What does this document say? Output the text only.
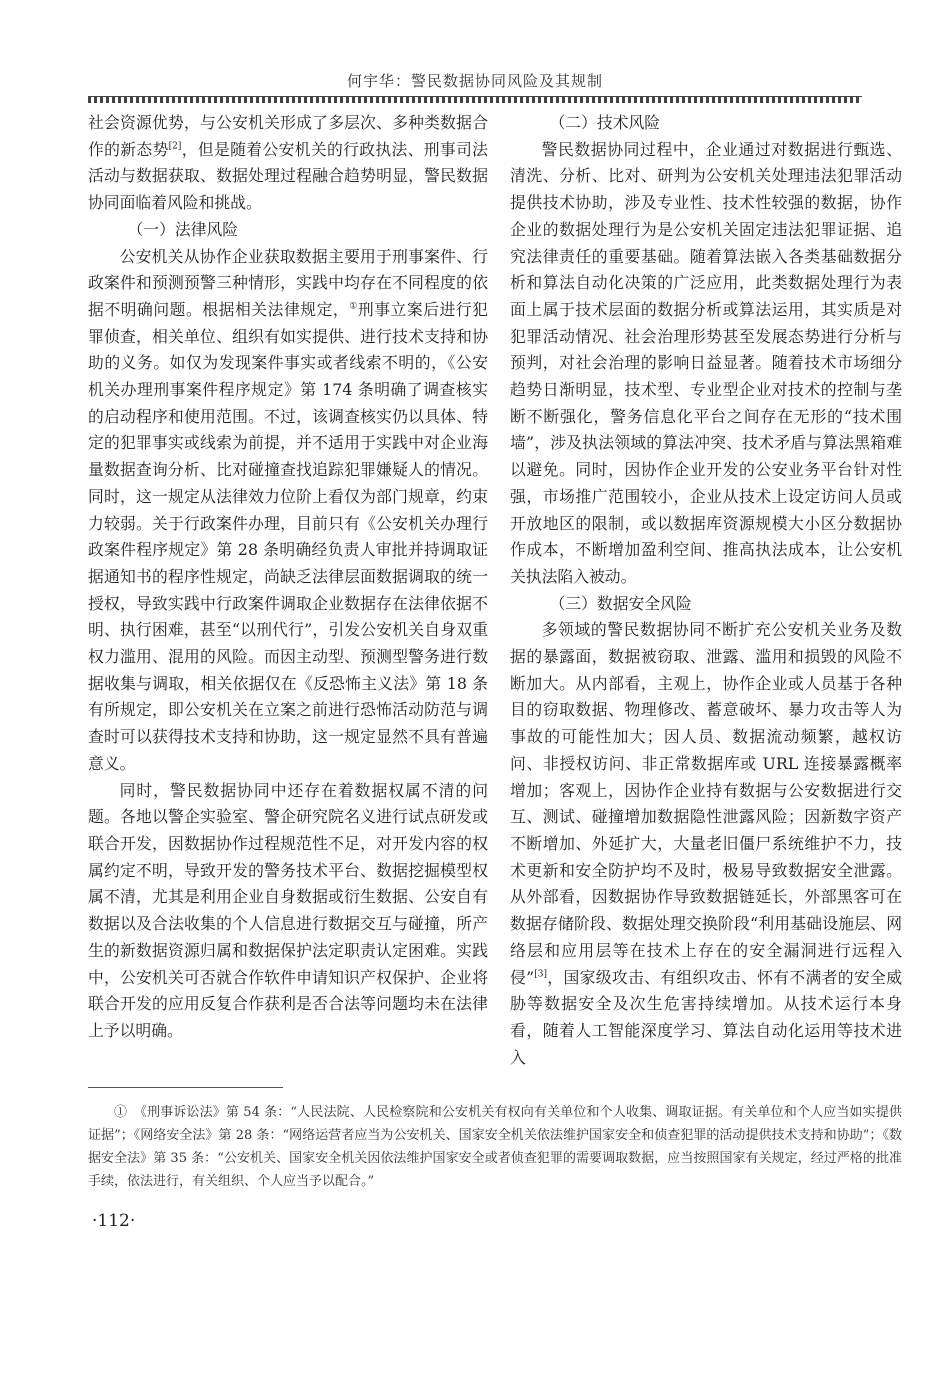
何宇华：警民数据协同风险及其规制

社会资源优势，与公安机关形成了多层次、多种类数据合作的新态势[2]，但是随着公安机关的行政执法、刑事司法活动与数据获取、数据处理过程融合趋势明显，警民数据协同面临着风险和挑战。

（一）法律风险

公安机关从协作企业获取数据主要用于刑事案件、行政案件和预测预警三种情形，实践中均存在不同程度的依据不明确问题。根据相关法律规定，①刑事立案后进行犯罪侦查，相关单位、组织有如实提供、进行技术支持和协助的义务。如仅为发现案件事实或者线索不明的，《公安机关办理刑事案件程序规定》第 174 条明确了调查核实的启动程序和使用范围。不过，该调查核实仍以具体、特定的犯罪事实或线索为前提，并不适用于实践中对企业海量数据查询分析、比对碰撞查找追踪犯罪嫌疑人的情况。同时，这一规定从法律效力位阶上看仅为部门规章，约束力较弱。关于行政案件办理，目前只有《公安机关办理行政案件程序规定》第 28 条明确经负责人审批并持调取证据通知书的程序性规定，尚缺乏法律层面数据调取的统一授权，导致实践中行政案件调取企业数据存在法律依据不明、执行困难，甚至“以刑代行”，引发公安机关自身双重权力滥用、混用的风险。而因主动型、预测型警务进行数据收集与调取，相关依据仅在《反恐怖主义法》第 18 条有所规定，即公安机关在立案之前进行恐怖活动防范与调查时可以获得技术支持和协助，这一规定显然不具有普遍意义。

同时，警民数据协同中还存在着数据权属不清的问题。各地以警企实验室、警企研究院名义进行试点研发或联合开发，因数据协作过程规范性不足，对开发内容的权属约定不明，导致开发的警务技术平台、数据挖掘模型权属不清，尤其是利用企业自身数据或衍生数据、公安自有数据以及合法收集的个人信息进行数据交互与碰撞，所产生的新数据资源归属和数据保护法定职责认定困难。实践中，公安机关可否就合作软件申请知识产权保护、企业将联合开发的应用反复合作获利是否合法等问题均未在法律上予以明确。

（二）技术风险

警民数据协同过程中，企业通过对数据进行甄选、清洗、分析、比对、研判为公安机关处理违法犯罪活动提供技术协助，涉及专业性、技术性较强的数据，协作企业的数据处理行为是公安机关固定违法犯罪证据、追究法律责任的重要基础。随着算法嵌入各类基础数据分析和算法自动化决策的广泛应用，此类数据处理行为表面上属于技术层面的数据分析或算法运用，其实质是对犯罪活动情况、社会治理形势甚至发展态势进行分析与预判，对社会治理的影响日益显著。随着技术市场细分趋势日渐明显，技术型、专业型企业对技术的控制与垄断不断强化，警务信息化平台之间存在无形的“技术围墙”，涉及执法领域的算法冲突、技术矛盾与算法黑箱难以避免。同时，因协作企业开发的公安业务平台针对性强，市场推广范围较小，企业从技术上设定访问人员或开放地区的限制，或以数据库资源规模大小区分数据协作成本，不断增加盈利空间、推高执法成本，让公安机关执法陷入被动。

（三）数据安全风险

多领域的警民数据协同不断扩充公安机关业务及数据的暴露面，数据被窃取、泄露、滥用和损毁的风险不断加大。从内部看，主观上，协作企业或人员基于各种目的窃取数据、物理修改、蓄意破坏、暴力攻击等人为事故的可能性加大；因人员、数据流动频繁，越权访问、非授权访问、非正常数据库或 URL 连接暴露概率增加；客观上，因协作企业持有数据与公安数据进行交互、测试、碰撞增加数据隐性泄露风险；因新数字资产不断增加、外延扩大，大量老旧僵尸系统维护不力，技术更新和安全防护均不及时，极易导致数据安全泄露。从外部看，因数据协作导致数据链延长，外部黑客可在数据存储阶段、数据处理交换阶段“利用基础设施层、网络层和应用层等在技术上存在的安全漏洞进行远程入侵”[3]，国家级攻击、有组织攻击、怀有不满者的安全威胁等数据安全及次生危害持续增加。从技术运行本身看，随着人工智能深度学习、算法自动化运用等技术进入

①　 《刑事诉讼法》第 54 条：“人民法院、人民检察院和公安机关有权向有关单位和个人收集、调取证据。有关单位和个人应当如实提供证据”；《网络安全法》第 28 条：“网络运营者应当为公安机关、国家安全机关依法维护国家安全和侦查犯罪的活动提供技术支持和协助”；《数据安全法》第 35 条：“公安机关、国家安全机关因依法维护国家安全或者侦查犯罪的需要调取数据，应当按照国家有关规定，经过严格的批准手续，依法进行，有关组织、个人应当予以配合。”

·112·
